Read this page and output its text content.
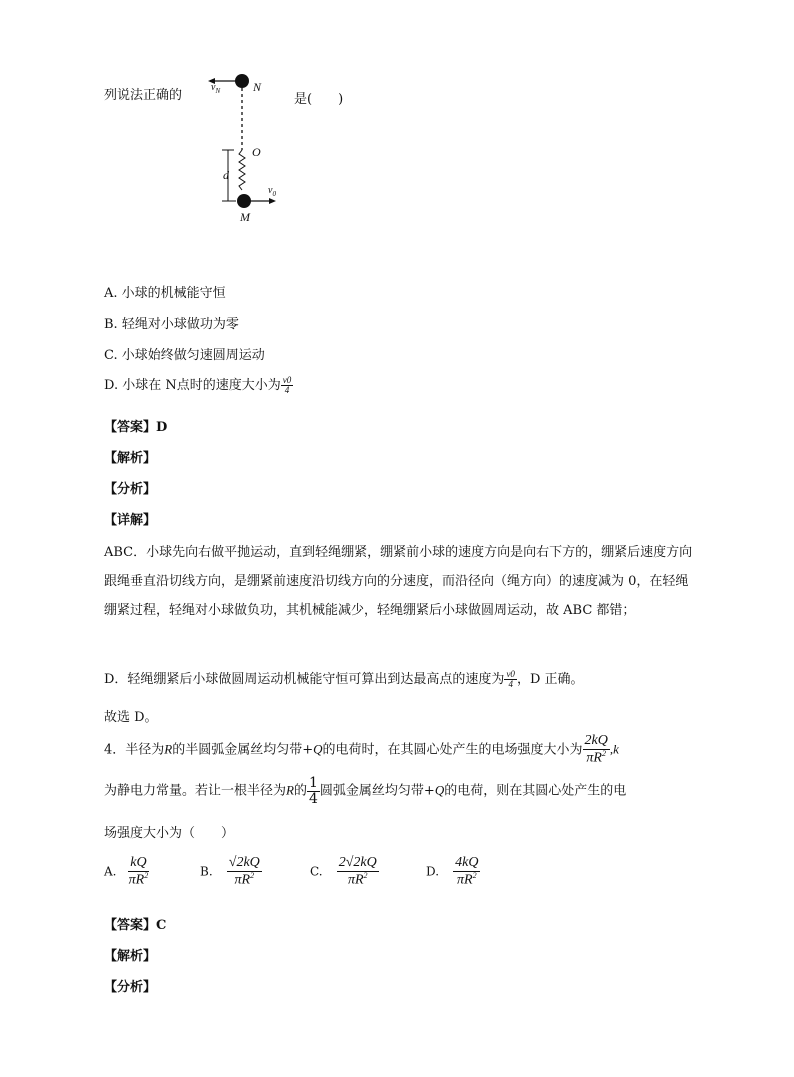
列说法正确的
$v_N$	N
O
d
$v_0$
M
是(　　)
A. 小球的机械能守恒
B. 轻绳对小球做功为零
C. 小球始终做匀速圆周运动
D. 小球在 N点时的速度大小为 $\frac{v0}{4}$
【答案】D
【解析】
【分析】
【详解】
ABC．小球先向右做平抛运动，直到轻绳绷紧，绷紧前小球的速度方向是向右下方的，绷紧后速度方向跟绳垂直沿切线方向，是绷紧前速度沿切线方向的分速度，而沿径向（绳方向）的速度减为 0，在轻绳绷紧过程，轻绳对小球做负功，其机械能减少，轻绳绷紧后小球做圆周运动，故 ABC 都错；
D．轻绳绷紧后小球做圆周运动机械能守恒可算出到达最高点的速度为 $\frac{v0}{4}$ ，D 正确。
故选 D。
4．半径为R的半圆弧金属丝均匀带+Q的电荷时，在其圆心处产生的电场强度大小为 $\frac{2kQ}{\pi R^2} ,k$
为静电力常量。若让一根半径为R的 $\frac{1}{4}$ 圆弧金属丝均匀带+Q的电荷，则在其圆心处产生的电
场强度大小为（　　）
A. $\frac{kQ}{\pi R^2}$	B. $\frac{√2kQ}{\pi R^2}$	C. $\frac{2√2kQ}{\pi R^2}$	D. $\frac{4kQ}{\pi R^2}$
【答案】C
【解析】
【分析】
